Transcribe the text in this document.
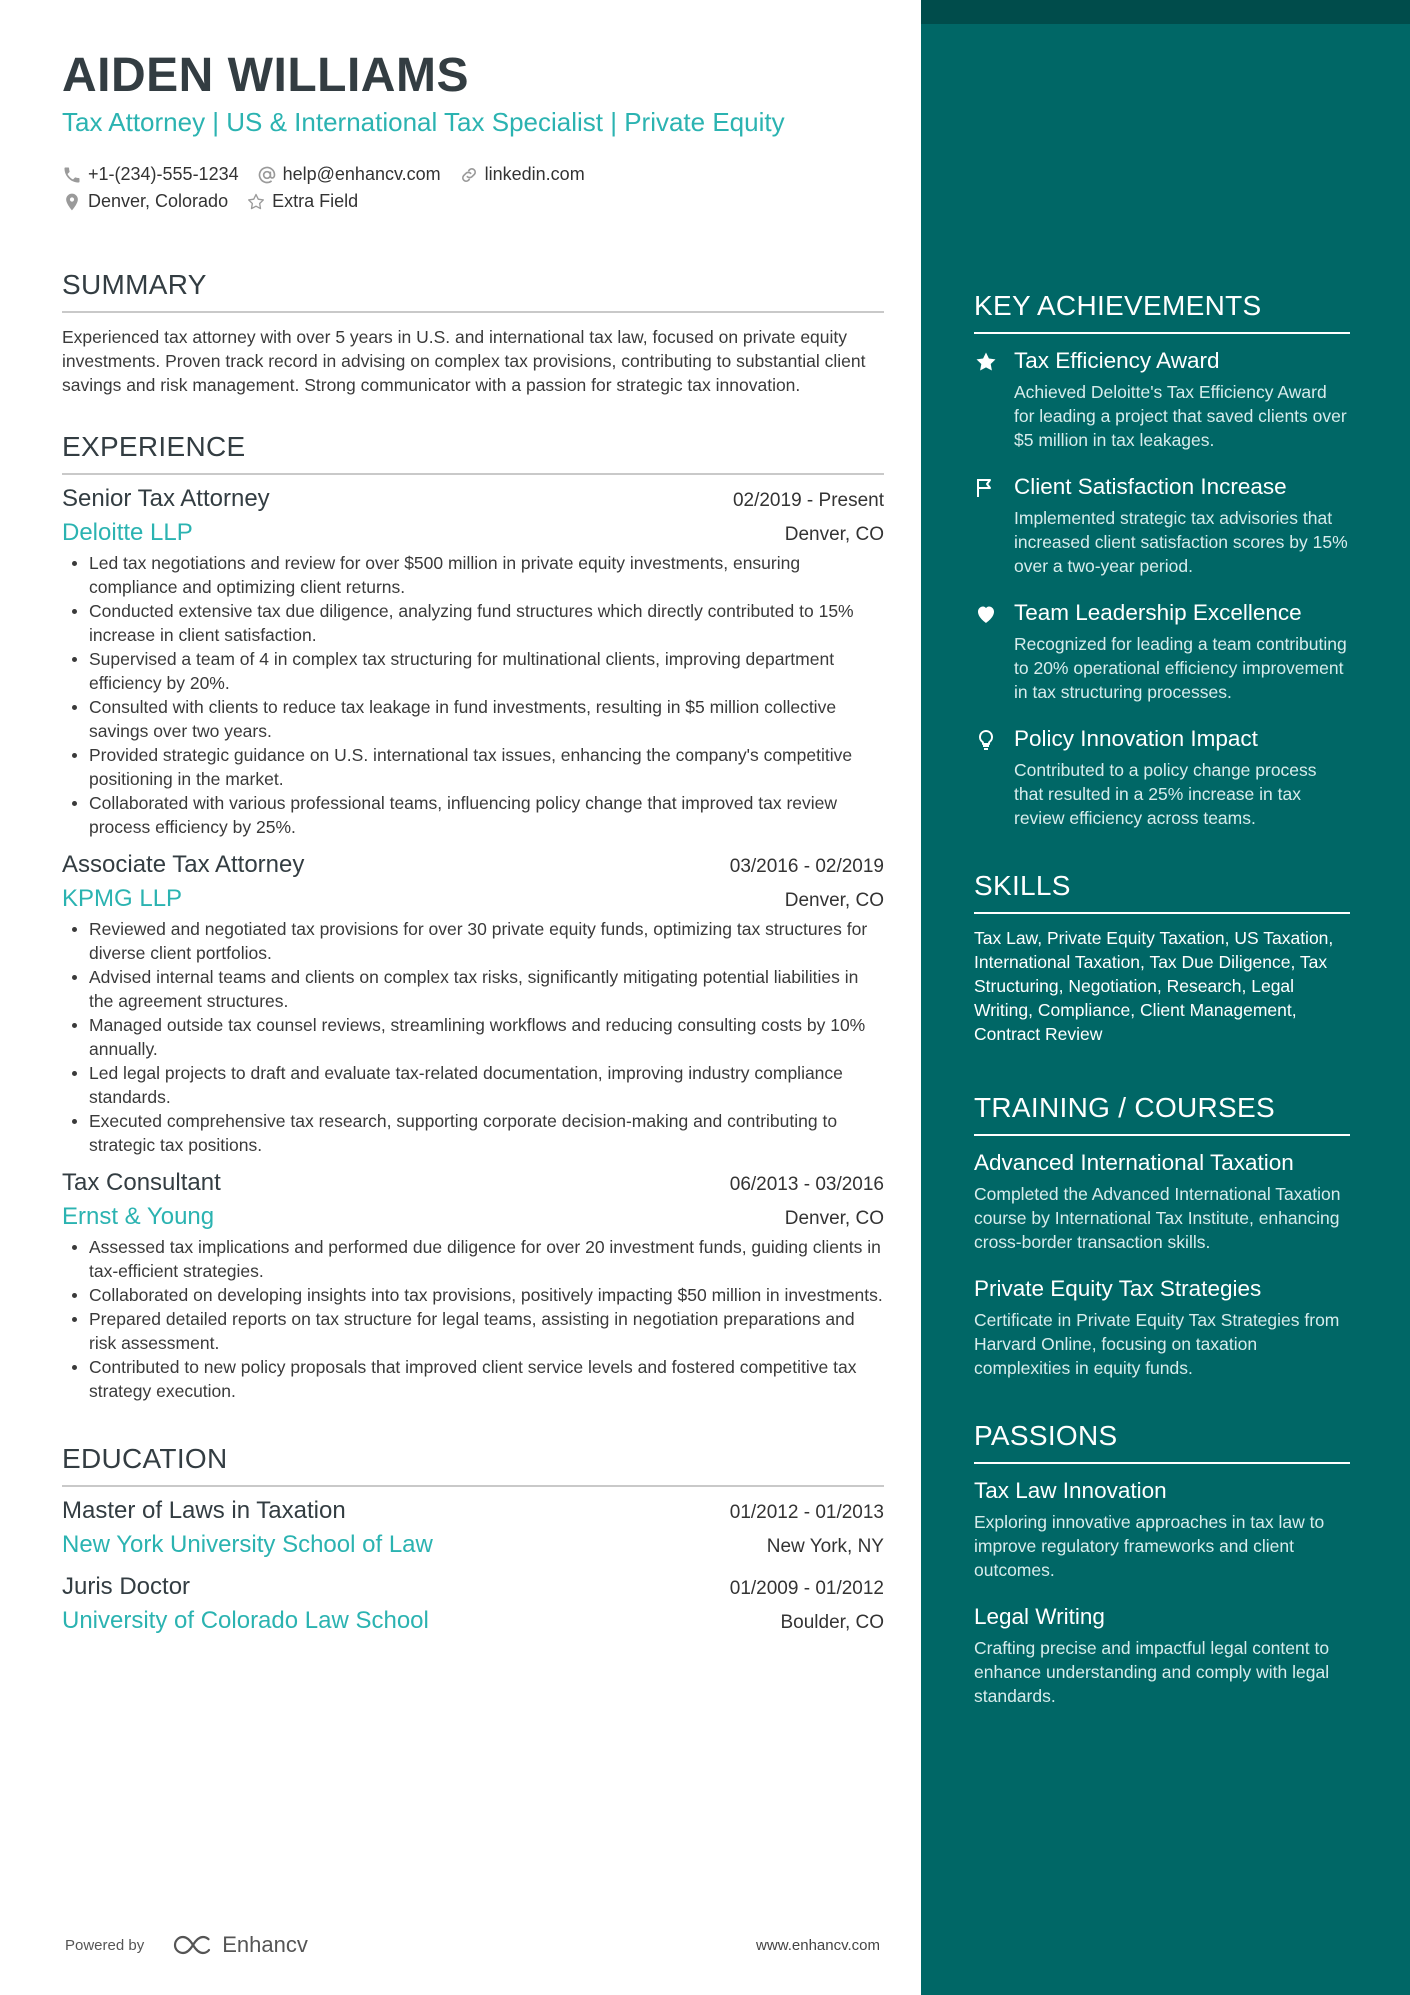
AIDEN WILLIAMS
Tax Attorney | US & International Tax Specialist | Private Equity
+1-(234)-555-1234 help@enhancv.com linkedin.com
Denver, Colorado Extra Field
SUMMARY
Experienced tax attorney with over 5 years in U.S. and international tax law, focused on private equity investments. Proven track record in advising on complex tax provisions, contributing to substantial client savings and risk management. Strong communicator with a passion for strategic tax innovation.
EXPERIENCE
Senior Tax Attorney	02/2019 - Present
Deloitte LLP	Denver, CO
Led tax negotiations and review for over $500 million in private equity investments, ensuring compliance and optimizing client returns.
Conducted extensive tax due diligence, analyzing fund structures which directly contributed to 15% increase in client satisfaction.
Supervised a team of 4 in complex tax structuring for multinational clients, improving department efficiency by 20%.
Consulted with clients to reduce tax leakage in fund investments, resulting in $5 million collective savings over two years.
Provided strategic guidance on U.S. international tax issues, enhancing the company's competitive positioning in the market.
Collaborated with various professional teams, influencing policy change that improved tax review process efficiency by 25%.
Associate Tax Attorney	03/2016 - 02/2019
KPMG LLP	Denver, CO
Reviewed and negotiated tax provisions for over 30 private equity funds, optimizing tax structures for diverse client portfolios.
Advised internal teams and clients on complex tax risks, significantly mitigating potential liabilities in the agreement structures.
Managed outside tax counsel reviews, streamlining workflows and reducing consulting costs by 10% annually.
Led legal projects to draft and evaluate tax-related documentation, improving industry compliance standards.
Executed comprehensive tax research, supporting corporate decision-making and contributing to strategic tax positions.
Tax Consultant	06/2013 - 03/2016
Ernst & Young	Denver, CO
Assessed tax implications and performed due diligence for over 20 investment funds, guiding clients in tax-efficient strategies.
Collaborated on developing insights into tax provisions, positively impacting $50 million in investments.
Prepared detailed reports on tax structure for legal teams, assisting in negotiation preparations and risk assessment.
Contributed to new policy proposals that improved client service levels and fostered competitive tax strategy execution.
EDUCATION
Master of Laws in Taxation	01/2012 - 01/2013
New York University School of Law	New York, NY
Juris Doctor	01/2009 - 01/2012
University of Colorado Law School	Boulder, CO
KEY ACHIEVEMENTS
Tax Efficiency Award
Achieved Deloitte's Tax Efficiency Award for leading a project that saved clients over $5 million in tax leakages.
Client Satisfaction Increase
Implemented strategic tax advisories that increased client satisfaction scores by 15% over a two-year period.
Team Leadership Excellence
Recognized for leading a team contributing to 20% operational efficiency improvement in tax structuring processes.
Policy Innovation Impact
Contributed to a policy change process that resulted in a 25% increase in tax review efficiency across teams.
SKILLS
Tax Law, Private Equity Taxation, US Taxation, International Taxation, Tax Due Diligence, Tax Structuring, Negotiation, Research, Legal Writing, Compliance, Client Management, Contract Review
TRAINING / COURSES
Advanced International Taxation
Completed the Advanced International Taxation course by International Tax Institute, enhancing cross-border transaction skills.
Private Equity Tax Strategies
Certificate in Private Equity Tax Strategies from Harvard Online, focusing on taxation complexities in equity funds.
PASSIONS
Tax Law Innovation
Exploring innovative approaches in tax law to improve regulatory frameworks and client outcomes.
Legal Writing
Crafting precise and impactful legal content to enhance understanding and comply with legal standards.
Powered by	Enhancv	www.enhancv.com
